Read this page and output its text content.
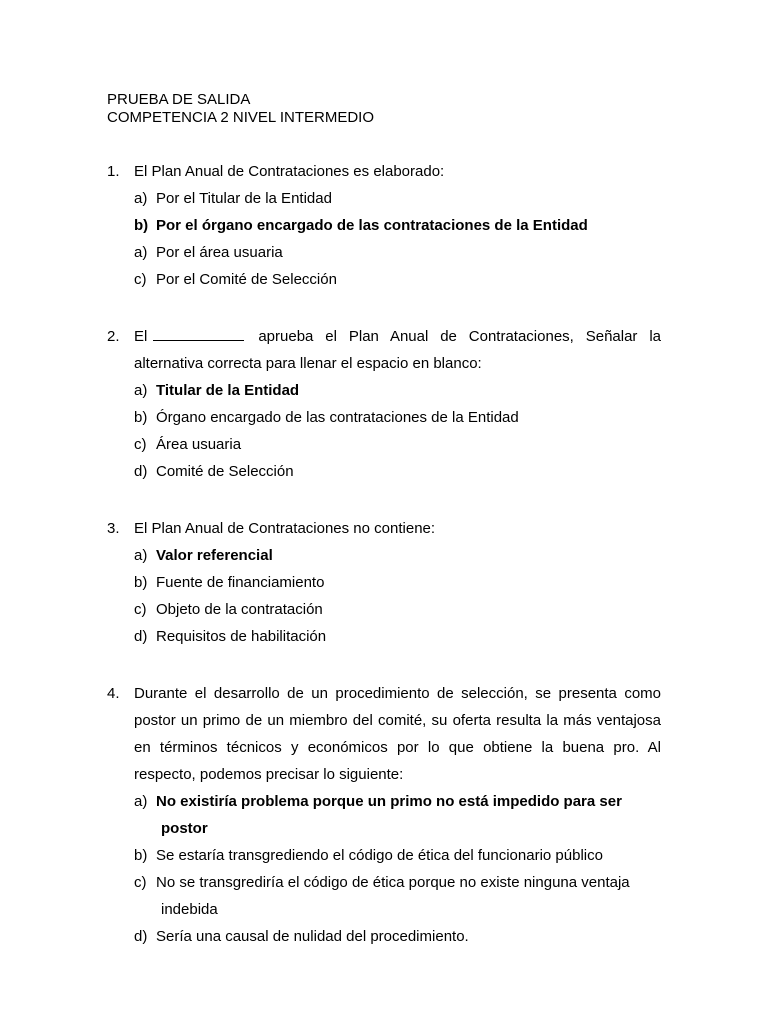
PRUEBA DE SALIDA
COMPETENCIA 2 NIVEL INTERMEDIO
1. El Plan Anual de Contrataciones es elaborado:
a) Por el Titular de la Entidad
b) Por el órgano encargado de las contrataciones de la Entidad
a) Por el área usuaria
c) Por el Comité de Selección
2. El	aprueba el Plan Anual de Contrataciones, Señalar la alternativa correcta para llenar el espacio en blanco:
a) Titular de la Entidad
b) Órgano encargado de las contrataciones de la Entidad
c) Área usuaria
d) Comité de Selección
3. El Plan Anual de Contrataciones no contiene:
a) Valor referencial
b) Fuente de financiamiento
c) Objeto de la contratación
d) Requisitos de habilitación
4. Durante el desarrollo de un procedimiento de selección, se presenta como postor un primo de un miembro del comité, su oferta resulta la más ventajosa en términos técnicos y económicos por lo que obtiene la buena pro. Al respecto, podemos precisar lo siguiente:
a) No existiría problema porque un primo no está impedido para ser
postor
b) Se estaría transgrediendo el código de ética del funcionario público
c) No se transgrediría el código de ética porque no existe ninguna ventaja
indebida
d) Sería una causal de nulidad del procedimiento.
